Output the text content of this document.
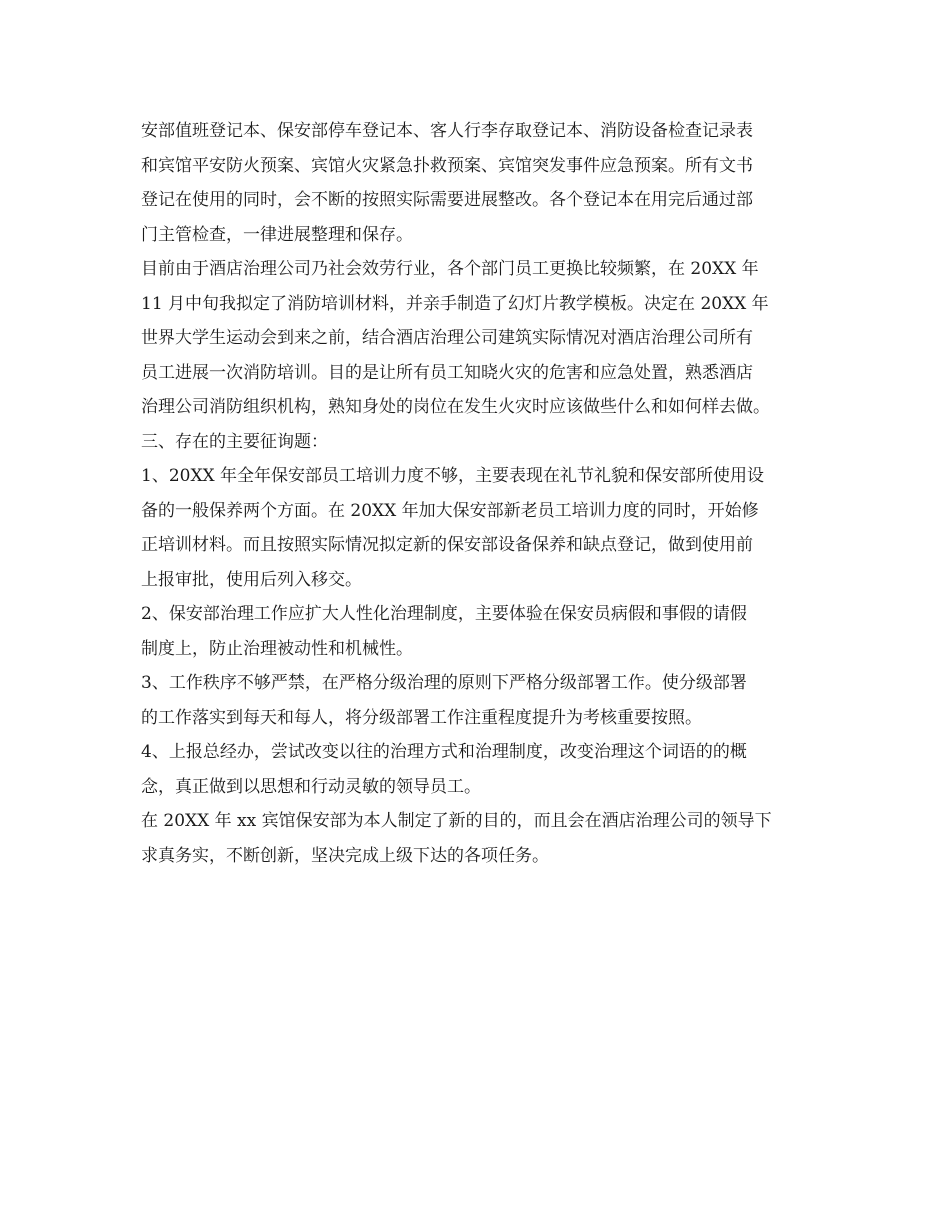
安部值班登记本、保安部停车登记本、客人行李存取登记本、消防设备检查记录表
和宾馆平安防火预案、宾馆火灾紧急扑救预案、宾馆突发事件应急预案。所有文书
登记在使用的同时，会不断的按照实际需要进展整改。各个登记本在用完后通过部
门主管检查，一律进展整理和保存。
目前由于酒店治理公司乃社会效劳行业，各个部门员工更换比较频繁，在 20XX 年
11 月中旬我拟定了消防培训材料，并亲手制造了幻灯片教学模板。决定在 20XX 年
世界大学生运动会到来之前，结合酒店治理公司建筑实际情况对酒店治理公司所有
员工进展一次消防培训。目的是让所有员工知晓火灾的危害和应急处置，熟悉酒店
治理公司消防组织机构，熟知身处的岗位在发生火灾时应该做些什么和如何样去做。
三、存在的主要征询题：
1、20XX 年全年保安部员工培训力度不够，主要表现在礼节礼貌和保安部所使用设
备的一般保养两个方面。在 20XX 年加大保安部新老员工培训力度的同时，开始修
正培训材料。而且按照实际情况拟定新的保安部设备保养和缺点登记，做到使用前
上报审批，使用后列入移交。
2、保安部治理工作应扩大人性化治理制度，主要体验在保安员病假和事假的请假
制度上，防止治理被动性和机械性。
3、工作秩序不够严禁，在严格分级治理的原则下严格分级部署工作。使分级部署
的工作落实到每天和每人，将分级部署工作注重程度提升为考核重要按照。
4、上报总经办，尝试改变以往的治理方式和治理制度，改变治理这个词语的的概
念，真正做到以思想和行动灵敏的领导员工。
在 20XX 年 xx 宾馆保安部为本人制定了新的目的，而且会在酒店治理公司的领导下
求真务实，不断创新，坚决完成上级下达的各项任务。
